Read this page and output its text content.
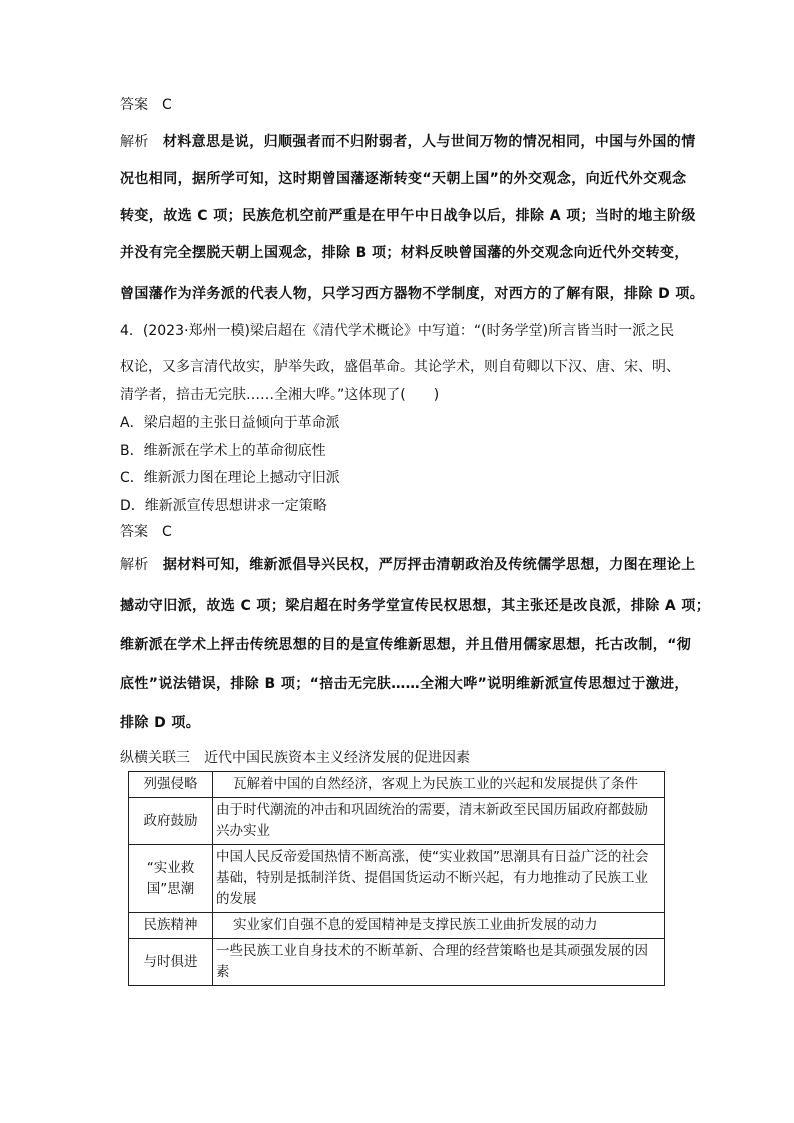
答案 C
解析 材料意思是说，归顺强者而不归附弱者，人与世间万物的情况相同，中国与外国的情
况也相同，据所学可知，这时期曾国藩逐渐转变“天朝上国”的外交观念，向近代外交观念
转变，故选 C 项；民族危机空前严重是在甲午中日战争以后，排除 A 项；当时的地主阶级
并没有完全摆脱天朝上国观念，排除 B 项；材料反映曾国藩的外交观念向近代外交转变，
曾国藩作为洋务派的代表人物，只学习西方器物不学制度，对西方的了解有限，排除 D 项。
4．(2023·郑州一模)梁启超在《清代学术概论》中写道：“(时务学堂)所言皆当时一派之民
权论，又多言清代故实，胪举失政，盛倡革命。其论学术，则自荀卿以下汉、唐、宋、明、
清学者，掊击无完肤……全湘大哗。”这体现了(　　)
A．梁启超的主张日益倾向于革命派
B．维新派在学术上的革命彻底性
C．维新派力图在理论上撼动守旧派
D．维新派宣传思想讲求一定策略
答案 C
解析 据材料可知，维新派倡导兴民权，严厉抨击清朝政治及传统儒学思想，力图在理论上
撼动守旧派，故选 C 项；梁启超在时务学堂宣传民权思想，其主张还是改良派，排除 A 项；
维新派在学术上抨击传统思想的目的是宣传维新思想，并且借用儒家思想，托古改制，“彻
底性”说法错误，排除 B 项；“掊击无完肤……全湘大哗”说明维新派宣传思想过于激进，
排除 D 项。
纵横关联三　近代中国民族资本主义经济发展的促进因素
列强侵略	瓦解着中国的自然经济，客观上为民族工业的兴起和发展提供了条件
政府鼓励	由于时代潮流的冲击和巩固统治的需要，清末新政至民国历届政府都鼓励兴办实业
“实业救国”思潮	中国人民反帝爱国热情不断高涨，使“实业救国”思潮具有日益广泛的社会基础，特别是抵制洋货、提倡国货运动不断兴起，有力地推动了民族工业的发展
民族精神	实业家们自强不息的爱国精神是支撑民族工业曲折发展的动力
与时俱进	一些民族工业自身技术的不断革新、合理的经营策略也是其顽强发展的因素
